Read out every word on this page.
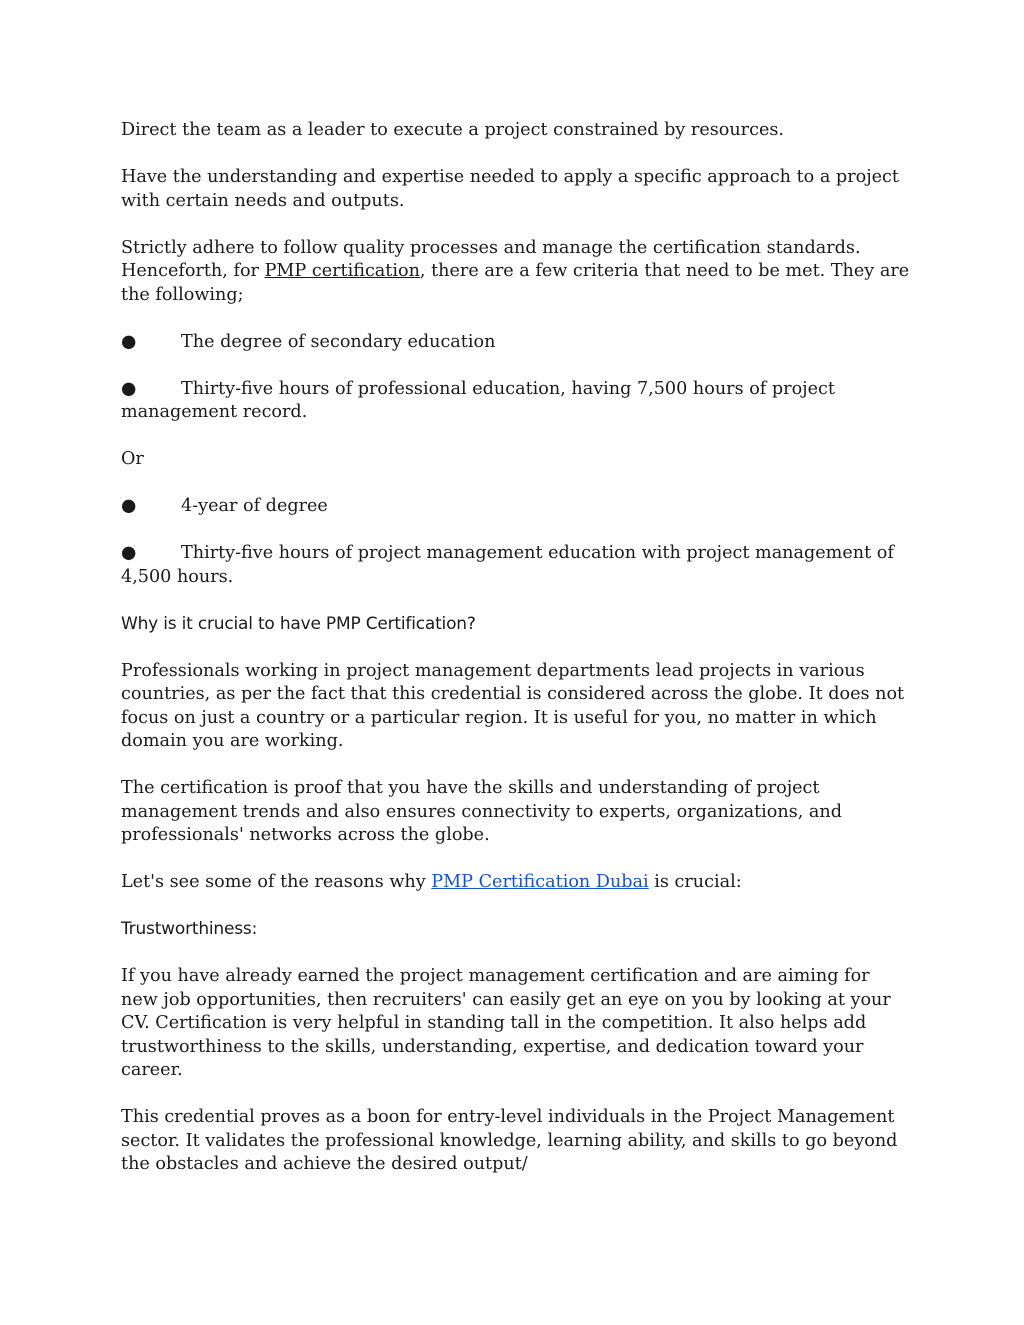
Direct the team as a leader to execute a project constrained by resources.

Have the understanding and expertise needed to apply a specific approach to a project with certain needs and outputs.

Strictly adhere to follow quality processes and manage the certification standards. Henceforth, for PMP certification, there are a few criteria that need to be met. They are the following;

●	The degree of secondary education

●	Thirty-five hours of professional education, having 7,500 hours of project management record.

Or

●	4-year of degree

●	Thirty-five hours of project management education with project management of 4,500 hours.

Why is it crucial to have PMP Certification?

Professionals working in project management departments lead projects in various countries, as per the fact that this credential is considered across the globe. It does not focus on just a country or a particular region. It is useful for you, no matter in which domain you are working.

The certification is proof that you have the skills and understanding of project management trends and also ensures connectivity to experts, organizations, and professionals' networks across the globe.

Let's see some of the reasons why PMP Certification Dubai is crucial:

Trustworthiness:

If you have already earned the project management certification and are aiming for new job opportunities, then recruiters' can easily get an eye on you by looking at your CV. Certification is very helpful in standing tall in the competition. It also helps add trustworthiness to the skills, understanding, expertise, and dedication toward your career.

This credential proves as a boon for entry-level individuals in the Project Management sector. It validates the professional knowledge, learning ability, and skills to go beyond the obstacles and achieve the desired output/
